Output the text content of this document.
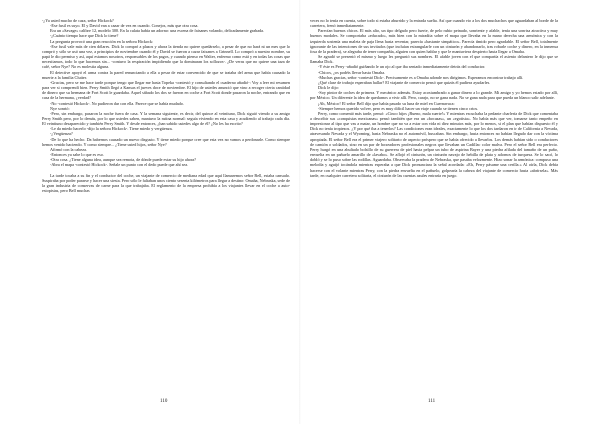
-¿Ya usted mucho de caza, señor Hickock?

-Ese fusil es suyo. El y David van a cazar de vez en cuando. Conejos, más que otra cosa.

Era un «Savage» calibre 12, modelo 300. En la culata había un adorno: una escena de faisanes volando, delicadamente grabada.

-¿Cuánto tiempo hace que Dick lo tiene?

La pregunta provocó una gran reacción en la señora Hickock:

-Ese fusil vale más de cien dólares. Dick lo compró a plazos y ahora la tienda no quiere quedárselo, a pesar de que no hará ni un mes que lo compró y sólo se usó una vez, a principios de noviembre cuando él y David se fueron a cazar faisanes a Grinnell. Lo compró a nuestro nombre, su papá le dio permiso y así, aquí estamos nosotros, responsables de los pagos, y cuando pienso en Walter, enfermo como está y en todas las cosas que necesitamos, todo lo que hacemos sin... -contuvo la respiración impidiendo que la dominaran los sollozos-. ¿De veras que no quiere una taza de café, señor Nye? No es molestia alguna.

El detective apoyó el arma contra la pared renunciando a ella a pesar de estar convencido de que se trataba del arma que había causado la muerte a la familia Clutter.

-Gracias, pero se me hace tarde porque tengo que llegar me hasta Topeka -contestó y consultando el cuaderno añadió-: Voy a leer mi resumen para ver si comprendí bien. Perry Smith llegó a Kansas el jueves doce de noviembre. El hijo de ustedes anunció que vino a recoger cierta cantidad de dinero que su hermana de Fort Scott le guardaba. Aquel sábado los dos se fueron en coche a Fort Scott donde pasaron la noche, entrando que en casa de la hermana, ¿verdad?

-No -contestó Hickock-. No pudieron dar con ella. Parece que se había mudado.

Nye sonrió:

-Pero, sin embargo, pasaron la noche fuera de casa. Y la semana siguiente, es decir, del quince al veintiuno, Dick siguió viendo a su amigo Perry Smith pero, por lo demás, por lo que ustedes saben, mantuvo la rutina normal: seguía viviendo en esta casa y acudiendo al trabajo cada día. El veintiuno desaparecido y también Perry Smith. Y desde entonces, ¿han sabido ustedes algo de él? ¿No les ha escrito?

-Le da miedo hacerlo -dijo la señora Hickock-. Tiene miedo y vergüenza.

-¿Vergüenza?

-De lo que ha hecho. Da habernos causado un nuevo disgusto. Y tiene miedo porque cree que esta vez no vamos a perdonarle. Como siempre hemos venido haciendo. Y como siempre... ¿Tiene usted hijos, señor Nye?

Afirmó con la cabeza.

-Entonces ya sabe lo que es eso.

-Otra cosa. ¿Tiene alguna idea, aunque sea remota, de dónde puede estar su hijo ahora?

-Abra el mapa -contestó Hickock-. Señale un punto con el dedo puede que ahí sea.

La tarde tocaba a su fin y el conductor del coche, un viajante de comercio de mediana edad que aquí llamaremos señor Bell, estaba cansado. Suspiraba por poder pararse y hacer una siesta. Pero sólo le faltaban unos ciento sesenta kilómetros para llegar a destino: Omaha, Nebraska, sede de la gran industria de conservas de carne para la que trabajaba. El reglamento de la empresa prohibía a los viajantes llevar en el coche a auto-estopistas, pero Bell muchas

veces no lo tenía en cuenta, sobre todo si estaba aburrido y la entrada suelta. Así que cuando vio a los dos muchachos que aguardaban al borde de la carretera, frenó inmediatamente.

Parecían buenos chicos. El más alto, un tipo delgado pero fuerte, de pelo rubio peinado, sonriente y afable, tenía una sonrisa atractiva y muy buenos modales. Se comportaba «educado», más bien con la miradita sobre el mapa que llevaba en la mano derecha una armónica y con la izquierda sostenía una maleta de paja llena hasta reventar, parecía «bastante simpático». Parecía tímido pero agradable. El señor Bell, totalmente ignorante de las intenciones de sus invitados (que incluían estrangularle con un cinturón y abandonarlo, tras robarle coche y dinero, en la inmensa fosa de la pradera), se alegraba de tener compañía, alguien con quien hablar y que le mantuviera despierto hasta llegar a Omaha.

Se agradó se presentó el mismo y luego les preguntó sus nombres. El afable joven con el que compartía el asiento delantero le dijo que se llamaba Dick.

-Y éste es Perry -añadió guiñando le un ojo al que iba sentado inmediatamente detrás del conductor.

-Chicos, ¿os podéis llevar hasta Omaha.

-Muchas gracias, señor -contestó Dick-. Precisamente es a Omaha adonde nos dirigimos. Esperamos encontrar trabajo allí.

¿Qué clase de trabajo esperaban hallar? El viajante de comercio pensó que quizás él pudiera ayudarles.

Dick le dijo:

-Soy pintor de coches de primera. Y mecánico además. Estoy acostumbrado a ganar dinero a lo grande. Mi amigo y yo hemos estado por allí, por México. Un diferente la idea de quedarnos a vivir allí. Pero, carajo, no se gana nada. No se gana nada para que pueda un blanco salir adelante.

¡Ah, México! El señor Bell dijo que había pasado su luna de miel en Cuernavaca:

-Siempre hemos querido volver, pero es muy difícil hacer un viaje cuando se tienen cinco crios.

Perry, como comentó más tarde, pensó: «Cinco hijos ¡Bueno, mala suerte!» Y mientras escuchaba la pedante charlería de Dick que comentaba a describir sus «conquistas mexicanas» pensó también que era un «bocazas», un «egotista». No había más que ver, tomarse tanto empeño en impresionar al tipo que vas a matar, un hombre que no va a estar con vida ni diez minutos más, por lo menos, si el plan que habían dispuesto él y Dick no tenía tropiezos. ¿Y por qué iba a tenerlos? Las condiciones eran ideales, exactamente lo que los dos tardaron en ir de California a Nevada, atravesando Nevada y el Wyoming, hasta Nebraska no el automóvil, buscaban. Sin embargo, hasta entonces no habían llegado dar con la víctima apropiada. El señor Bell era el primer viajero solitario de aspecto próspero que se había ofrecido a llevarlos. Los demás habían sido o conductores de camión o soldados, sino en un par de boxeadores profesionales negros que llevaban un Cadillac color malva. Pero el señor Bell era perfecto. Perry hurgó en una abultado bolsillo de su guerrera de piel hasta pelpar un tubo de aspirina Bayer y una piedra afilada del tamaño de un puño, envuelta en un pañuelo amarillo de «lavabo». Se aflojó el cinturón, un cinturón navajo de hebilla de plata y adornos de turquesa. Se lo sacó, lo dobló y se lo puso sobre las rodillas. Aguardaba. Observaba la pradera de Nebraska, que pasaba velozmente. Hizo sonar la armónica: compuso una melodía y aguijó tocándola mientras esperaba a que Dick pronunciara la señal acordada: «Eh, Perry pásame una cerilla.» Al oírla, Dick debía hacerse con el volante mientras Perry, con la piedra envuelta en el pañuelo, golpearía la cabeza del viajante de comercio hasta «abrírsela». Más tarde, en cualquier carretera solitaria, el cinturón de las cuentas azules entraría en juego.

110	111
